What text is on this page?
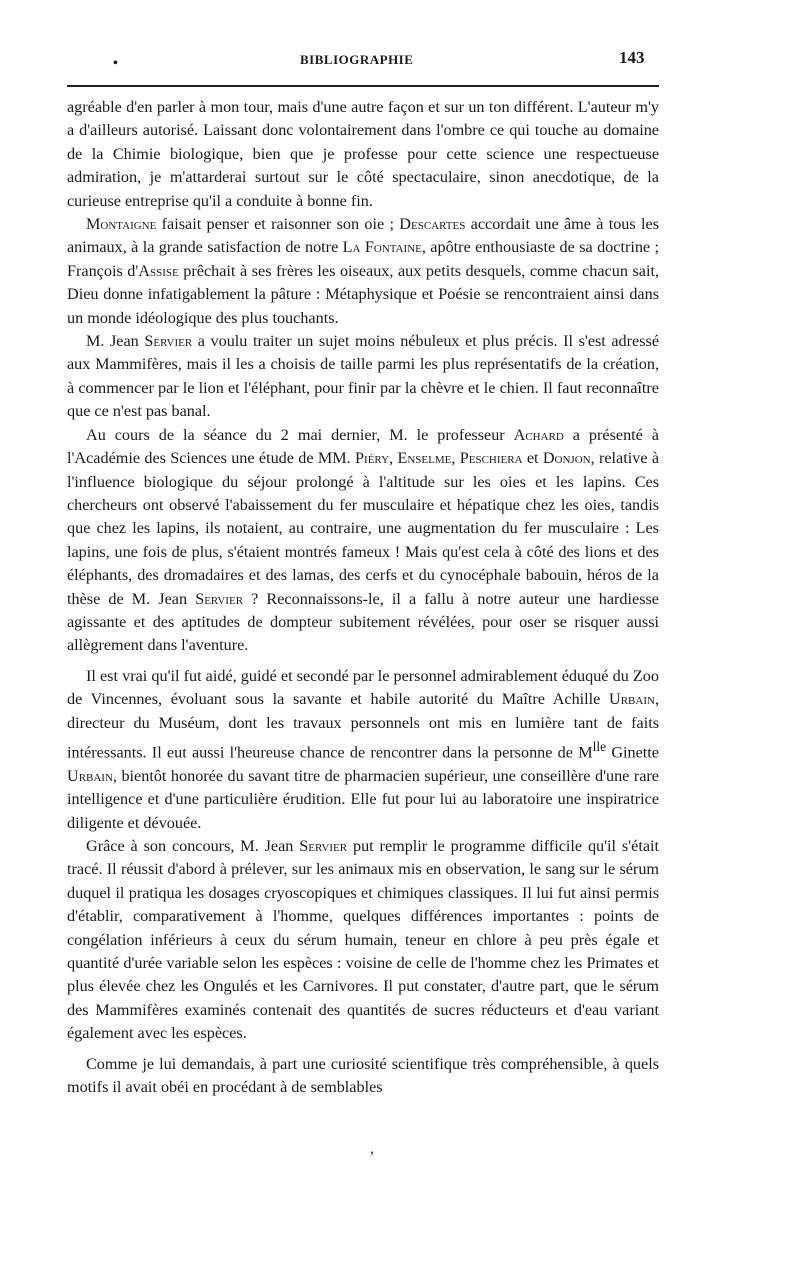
•	BIBLIOGRAPHIE	143

agréable d'en parler à mon tour, mais d'une autre façon et sur un ton différent. L'auteur m'y a d'ailleurs autorisé. Laissant donc volontairement dans l'ombre ce qui touche au domaine de la Chimie biologique, bien que je professe pour cette science une respectueuse admiration, je m'attarderai surtout sur le côté spectaculaire, sinon anecdotique, de la curieuse entreprise qu'il a conduite à bonne fin.

Montaigne faisait penser et raisonner son oie ; Descartes accordait une âme à tous les animaux, à la grande satisfaction de notre La Fontaine, apôtre enthousiaste de sa doctrine ; François d'Assise prêchait à ses frères les oiseaux, aux petits desquels, comme chacun sait, Dieu donne infatigablement la pâture : Métaphysique et Poésie se rencontraient ainsi dans un monde idéologique des plus touchants.

M. Jean Servier a voulu traiter un sujet moins nébuleux et plus précis. Il s'est adressé aux Mammifères, mais il les a choisis de taille parmi les plus représentatifs de la création, à commencer par le lion et l'éléphant, pour finir par la chèvre et le chien. Il faut reconnaître que ce n'est pas banal.

Au cours de la séance du 2 mai dernier, M. le professeur Achard a présenté à l'Académie des Sciences une étude de MM. Piéry, Enselme, Peschiera et Donjon, relative à l'influence biologique du séjour prolongé à l'altitude sur les oies et les lapins. Ces chercheurs ont observé l'abaissement du fer musculaire et hépatique chez les oies, tandis que chez les lapins, ils notaient, au contraire, une augmentation du fer musculaire : Les lapins, une fois de plus, s'étaient montrés fameux ! Mais qu'est cela à côté des lions et des éléphants, des dromadaires et des lamas, des cerfs et du cynocéphale babouin, héros de la thèse de M. Jean Servier ? Reconnaissons-le, il a fallu à notre auteur une hardiesse agissante et des aptitudes de dompteur subitement révélées, pour oser se risquer aussi allègrement dans l'aventure.

Il est vrai qu'il fut aidé, guidé et secondé par le personnel admirablement éduqué du Zoo de Vincennes, évoluant sous la savante et habile autorité du Maître Achille Urbain, directeur du Muséum, dont les travaux personnels ont mis en lumière tant de faits intéressants. Il eut aussi l'heureuse chance de rencontrer dans la personne de $M^{lle}$ Ginette Urbain, bientôt honorée du savant titre de pharmacien supérieur, une conseillère d'une rare intelligence et d'une particulière érudition. Elle fut pour lui au laboratoire une inspiratrice diligente et dévouée.

Grâce à son concours, M. Jean Servier put remplir le programme difficile qu'il s'était tracé. Il réussit d'abord à prélever, sur les animaux mis en observation, le sang sur le sérum duquel il pratiqua les dosages cryoscopiques et chimiques classiques. Il lui fut ainsi permis d'établir, comparativement à l'homme, quelques différences importantes : points de congélation inférieurs à ceux du sérum humain, teneur en chlore à peu près égale et quantité d'urée variable selon les espèces : voisine de celle de l'homme chez les Primates et plus élevée chez les Ongulés et les Carnivores. Il put constater, d'autre part, que le sérum des Mammifères examinés contenait des quantités de sucres réducteurs et d'eau variant également avec les espèces.

Comme je lui demandais, à part une curiosité scientifique très compréhensible, à quels motifs il avait obéi en procédant à de semblables

,
